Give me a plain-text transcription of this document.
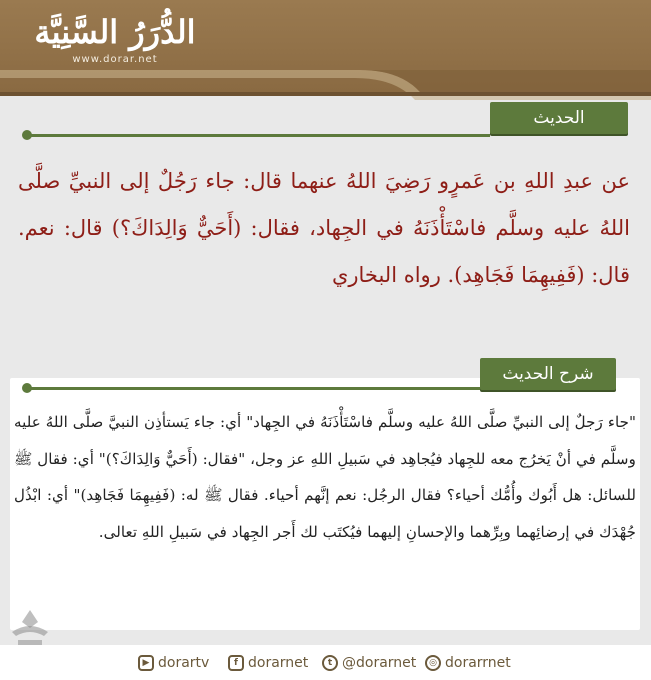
الدُّرَرُ السَّنِيَّة
www.dorar.net
الحديث
عن عبدِ اللهِ بن عَمرٍو رَضِيَ اللهُ عنهما قال: جاء رَجُلٌ إلى النبيِّ صلَّى اللهُ عليه وسلَّم فاسْتَأْذَنَهُ في الجِهاد، فقال: (أَحَيٌّ وَالِدَاكَ؟) قال: نعم. قال: (فَفِيهِمَا فَجَاهِد). رواه البخاري
شرح الحديث
"جاء رَجلٌ إلى النبيِّ صلَّى اللهُ عليه وسلَّم فاسْتَأْذَنَهُ في الجِهاد" أي: جاء يَستأذِن النبيَّ صلَّى اللهُ عليه وسلَّم في أنْ يَخرُج معه للجِهاد فيُجاهِد في سَبيلِ اللهِ عز وجل، "فقال: (أَحَيٌّ وَالِدَاكَ؟)" أي: فقال ﷺ للسائل: هل أَبُوك وأُمُّك أحياء؟ فقال الرجُل: نعم إنَّهم أحياء. فقال ﷺ له: (فَفِيهِمَا فَجَاهِد)" أي: ابْذُل جُهْدَك في إرضائِهما وبِرِّهما والإحسانِ إليهما فيُكتَب لك أَجر الجِهاد في سَبيلِ اللهِ تعالى.
▶ dorartv	f dorarnet	t @dorarnet	◎ dorarrnet
